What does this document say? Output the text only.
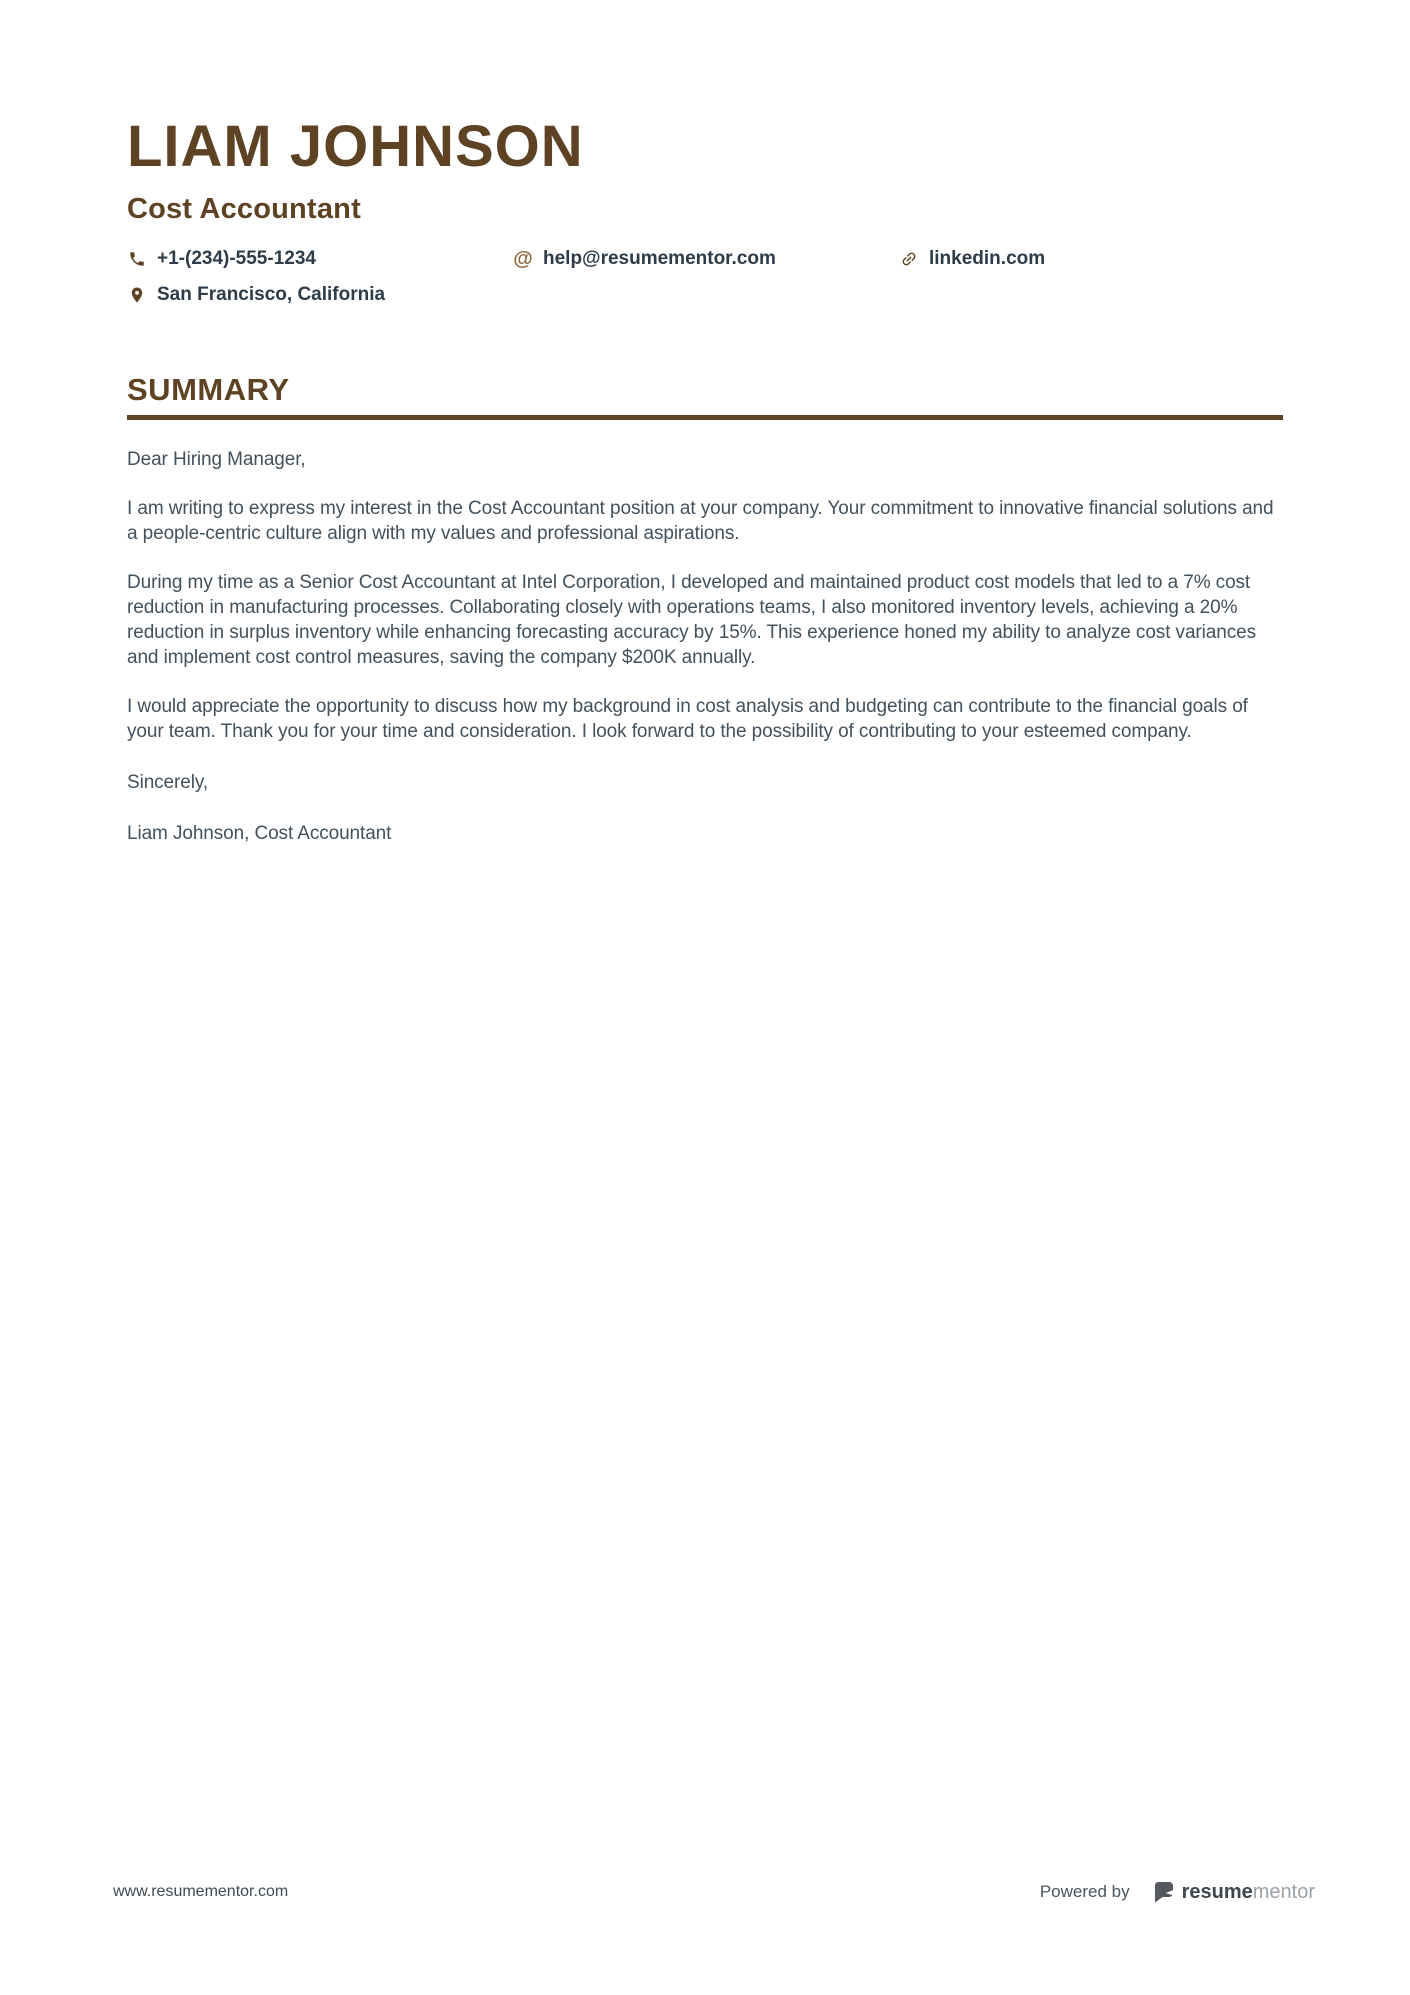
LIAM JOHNSON
Cost Accountant
+1-(234)-555-1234	@ help@resumementor.com	linkedin.com
San Francisco, California
SUMMARY

Dear Hiring Manager,

I am writing to express my interest in the Cost Accountant position at your company. Your commitment to innovative financial solutions and a people-centric culture align with my values and professional aspirations.

During my time as a Senior Cost Accountant at Intel Corporation, I developed and maintained product cost models that led to a 7% cost reduction in manufacturing processes. Collaborating closely with operations teams, I also monitored inventory levels, achieving a 20% reduction in surplus inventory while enhancing forecasting accuracy by 15%. This experience honed my ability to analyze cost variances and implement cost control measures, saving the company $200K annually.

I would appreciate the opportunity to discuss how my background in cost analysis and budgeting can contribute to the financial goals of your team. Thank you for your time and consideration. I look forward to the possibility of contributing to your esteemed company.

Sincerely,

Liam Johnson, Cost Accountant

www.resumementor.com	Powered by	resumementor
